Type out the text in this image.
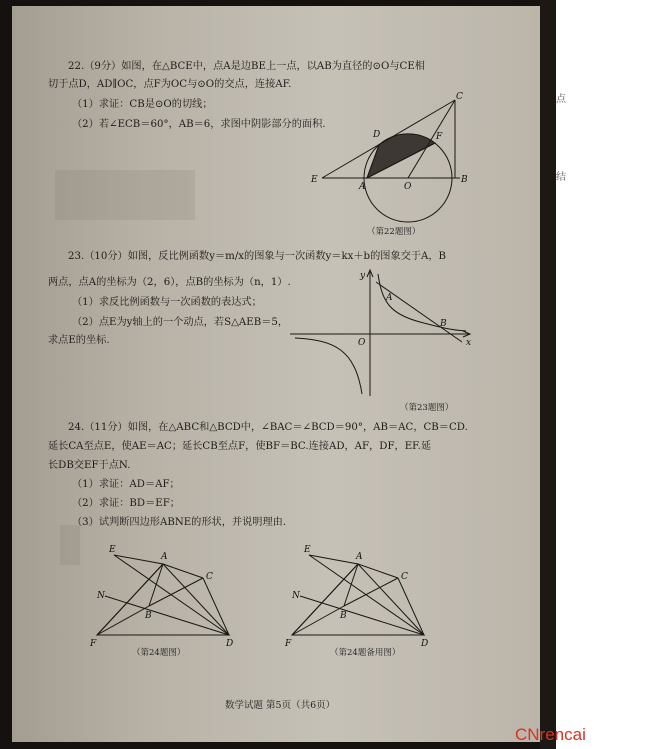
点
结
22.（9分）如图，在△BCE中，点A是边BE上一点，以AB为直径的⊙O与CE相
切于点D，AD∥OC，点F为OC与⊙O的交点，连接AF.
（1）求证：CB是⊙O的切线；
（2）若∠ECB＝60°，AB＝6，求图中阴影部分的面积.
C
D	F
E
A	O
B
（第22题图）
23.（10分）如图，反比例函数y＝m/x的图象与一次函数y＝kx＋b的图象交于A，B
两点，点A的坐标为（2，6），点B的坐标为（n，1）.
（1）求反比例函数与一次函数的表达式；
（2）点E为y轴上的一个动点，若S△AEB＝5，
求点E的坐标.
y
x
O
A
B
（第23题图）
24.（11分）如图，在△ABC和△BCD中，∠BAC＝∠BCD＝90°，AB＝AC，CB＝CD.
延长CA至点E，使AE＝AC；延长CB至点F，使BF＝BC.连接AD，AF，DF，EF.延
长DB交EF于点N.
（1）求证：AD＝AF；
（2）求证：BD＝EF；
（3）试判断四边形ABNE的形状，并说明理由.
E
A
C
N
B
F	D
（第24题图）
E
A
C
N
B
F	D
（第24题备用图）
数学试题 第5页（共6页）
CNrencai
